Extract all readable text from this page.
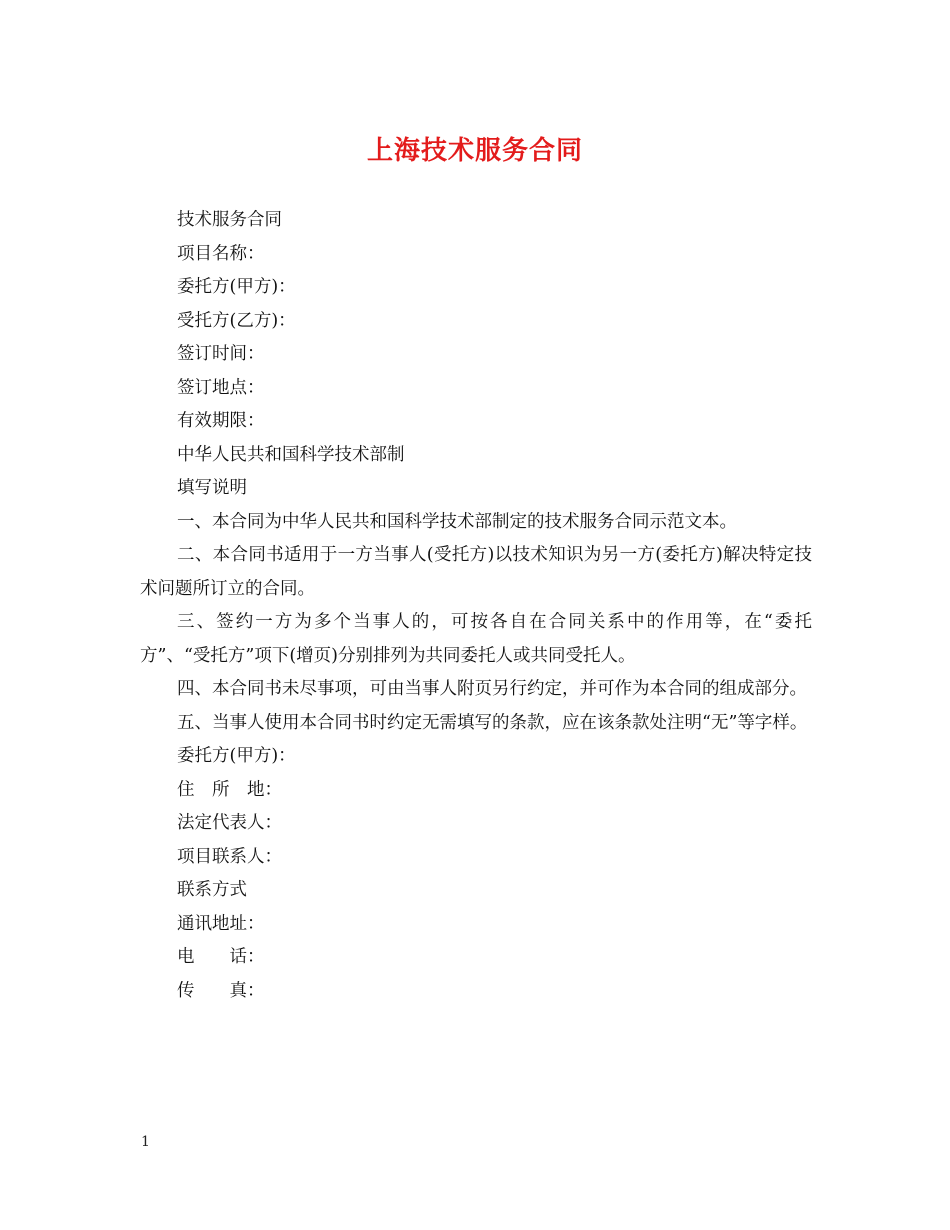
上海技术服务合同

技术服务合同

项目名称：

委托方(甲方)：

受托方(乙方)：

签订时间：

签订地点：

有效期限：

中华人民共和国科学技术部制

填写说明

一、本合同为中华人民共和国科学技术部制定的技术服务合同示范文本。

二、本合同书适用于一方当事人(受托方)以技术知识为另一方(委托方)解决特定技术问题所订立的合同。

三、签约一方为多个当事人的，可按各自在合同关系中的作用等，在“委托方”、“受托方”项下(增页)分别排列为共同委托人或共同受托人。

四、本合同书未尽事项，可由当事人附页另行约定，并可作为本合同的组成部分。

五、当事人使用本合同书时约定无需填写的条款，应在该条款处注明“无”等字样。

委托方(甲方)：

住　所　地：

法定代表人：

项目联系人：

联系方式

通讯地址：

电　　话：

传　　真：

1
